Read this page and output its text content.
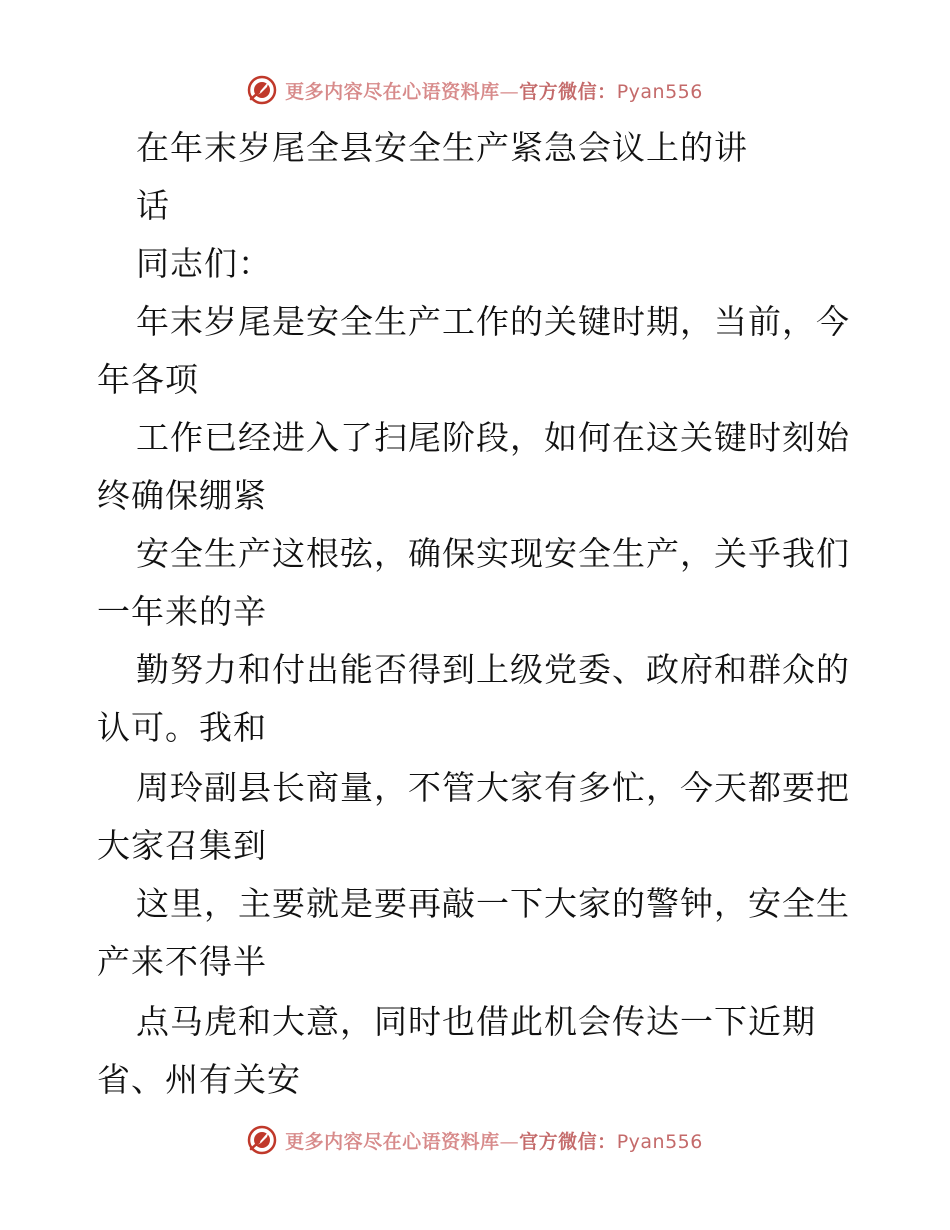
更多内容尽在心语资料库—官方微信：Pyan556
在年末岁尾全县安全生产紧急会议上的讲
话
同志们：
年末岁尾是安全生产工作的关键时期，当前，今
年各项
工作已经进入了扫尾阶段，如何在这关键时刻始
终确保绷紧
安全生产这根弦，确保实现安全生产，关乎我们
一年来的辛
勤努力和付出能否得到上级党委、政府和群众的
认可。我和
周玲副县长商量，不管大家有多忙，今天都要把
大家召集到
这里，主要就是要再敲一下大家的警钟，安全生
产来不得半
点马虎和大意，同时也借此机会传达一下近期
省、州有关安
更多内容尽在心语资料库—官方微信：Pyan556
